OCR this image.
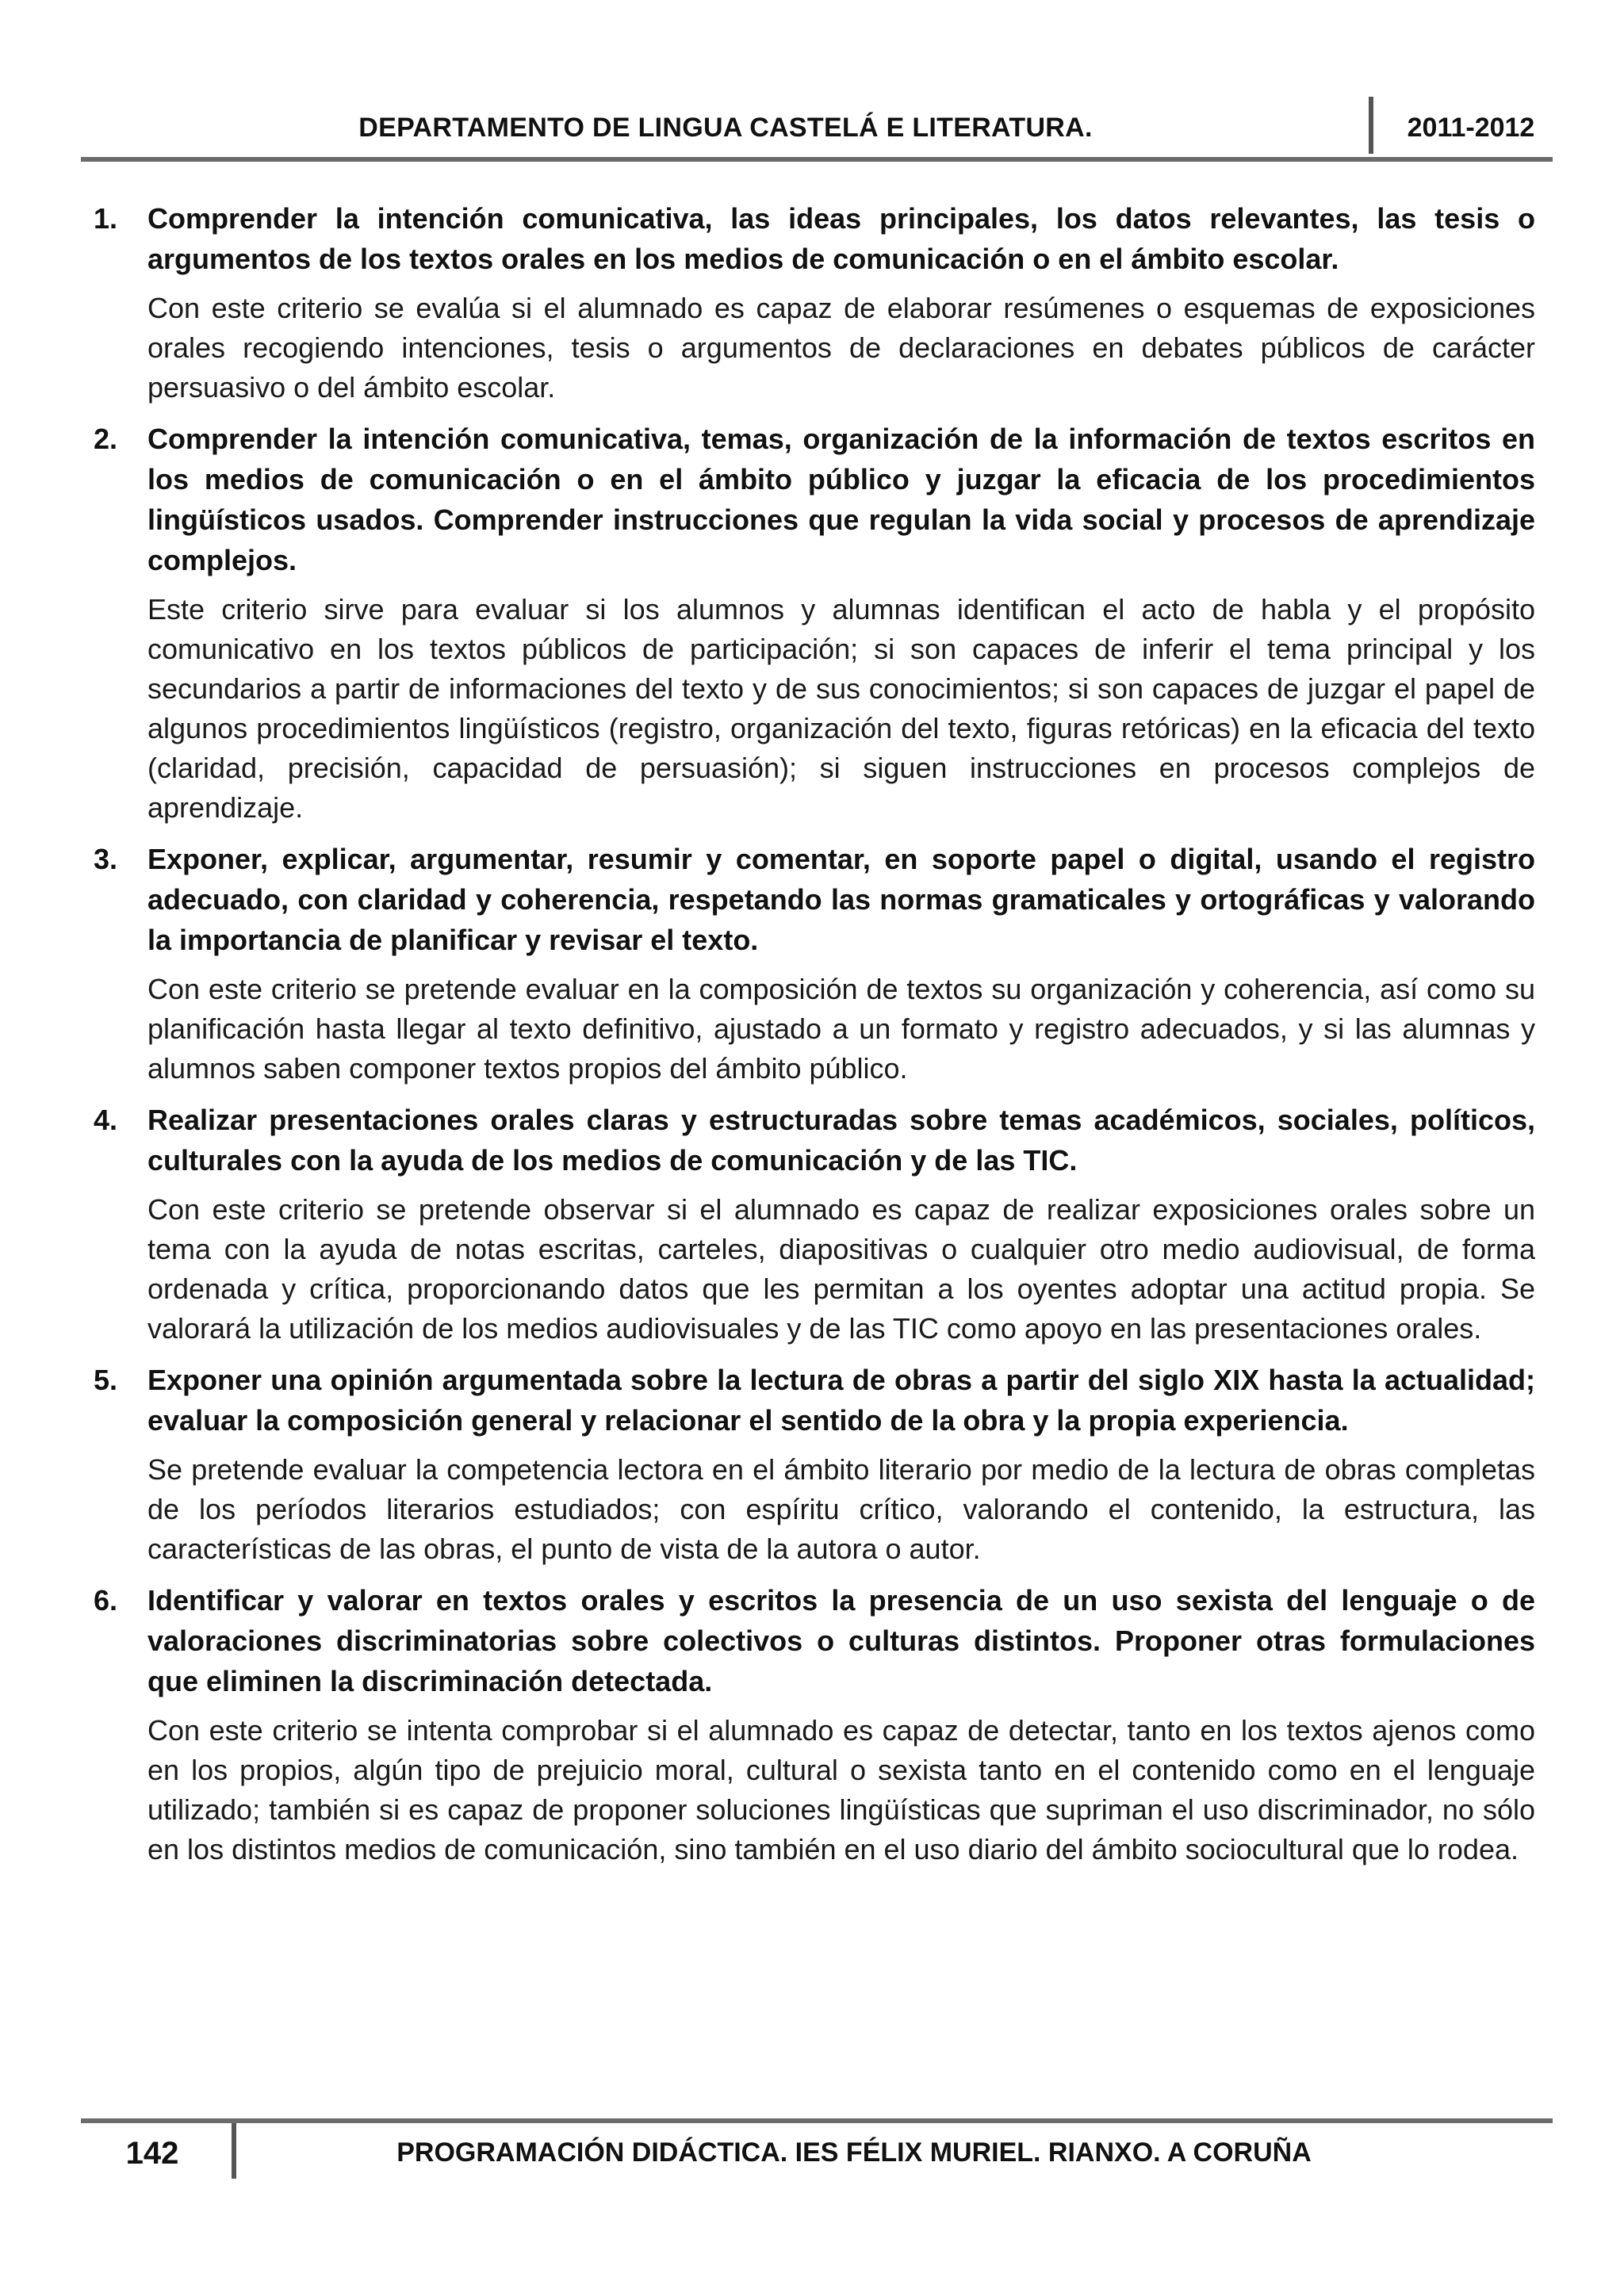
DEPARTAMENTO DE LINGUA CASTELÁ E LITERATURA.	2011-2012
1.	Comprender la intención comunicativa, las ideas principales, los datos relevantes, las tesis o argumentos de los textos orales en los medios de comunicación o en el ámbito escolar.

Con este criterio se evalúa si el alumnado es capaz de elaborar resúmenes o esquemas de exposiciones orales recogiendo intenciones, tesis o argumentos de declaraciones en debates públicos de carácter persuasivo o del ámbito escolar.

2.	Comprender la intención comunicativa, temas, organización de la información de textos escritos en los medios de comunicación o en el ámbito público y juzgar la eficacia de los procedimientos lingüísticos usados. Comprender instrucciones que regulan la vida social y procesos de aprendizaje complejos.

Este criterio sirve para evaluar si los alumnos y alumnas identifican el acto de habla y el propósito comunicativo en los textos públicos de participación; si son capaces de inferir el tema principal y los secundarios a partir de informaciones del texto y de sus conocimientos; si son capaces de juzgar el papel de algunos procedimientos lingüísticos (registro, organización del texto, figuras retóricas) en la eficacia del texto (claridad, precisión, capacidad de persuasión); si siguen instrucciones en procesos complejos de aprendizaje.

3.	Exponer, explicar, argumentar, resumir y comentar, en soporte papel o digital, usando el registro adecuado, con claridad y coherencia, respetando las normas gramaticales y ortográficas y valorando la importancia de planificar y revisar el texto.

Con este criterio se pretende evaluar en la composición de textos su organización y coherencia, así como su planificación hasta llegar al texto definitivo, ajustado a un formato y registro adecuados, y si las alumnas y alumnos saben componer textos propios del ámbito público.

4.	Realizar presentaciones orales claras y estructuradas sobre temas académicos, sociales, políticos, culturales con la ayuda de los medios de comunicación y de las TIC.

Con este criterio se pretende observar si el alumnado es capaz de realizar exposiciones orales sobre un tema con la ayuda de notas escritas, carteles, diapositivas o cualquier otro medio audiovisual, de forma ordenada y crítica, proporcionando datos que les permitan a los oyentes adoptar una actitud propia. Se valorará la utilización de los medios audiovisuales y de las TIC como apoyo en las presentaciones orales.

5.	Exponer una opinión argumentada sobre la lectura de obras a partir del siglo XIX hasta la actualidad; evaluar la composición general y relacionar el sentido de la obra y la propia experiencia.

Se pretende evaluar la competencia lectora en el ámbito literario por medio de la lectura de obras completas de los períodos literarios estudiados; con espíritu crítico, valorando el contenido, la estructura, las características de las obras, el punto de vista de la autora o autor.

6.	Identificar y valorar en textos orales y escritos la presencia de un uso sexista del lenguaje o de valoraciones discriminatorias sobre colectivos o culturas distintos. Proponer otras formulaciones que eliminen la discriminación detectada.

Con este criterio se intenta comprobar si el alumnado es capaz de detectar, tanto en los textos ajenos como en los propios, algún tipo de prejuicio moral, cultural o sexista tanto en el contenido como en el lenguaje utilizado; también si es capaz de proponer soluciones lingüísticas que supriman el uso discriminador, no sólo en los distintos medios de comunicación, sino también en el uso diario del ámbito sociocultural que lo rodea.

142	PROGRAMACIÓN DIDÁCTICA. IES FÉLIX MURIEL. RIANXO. A CORUÑA
